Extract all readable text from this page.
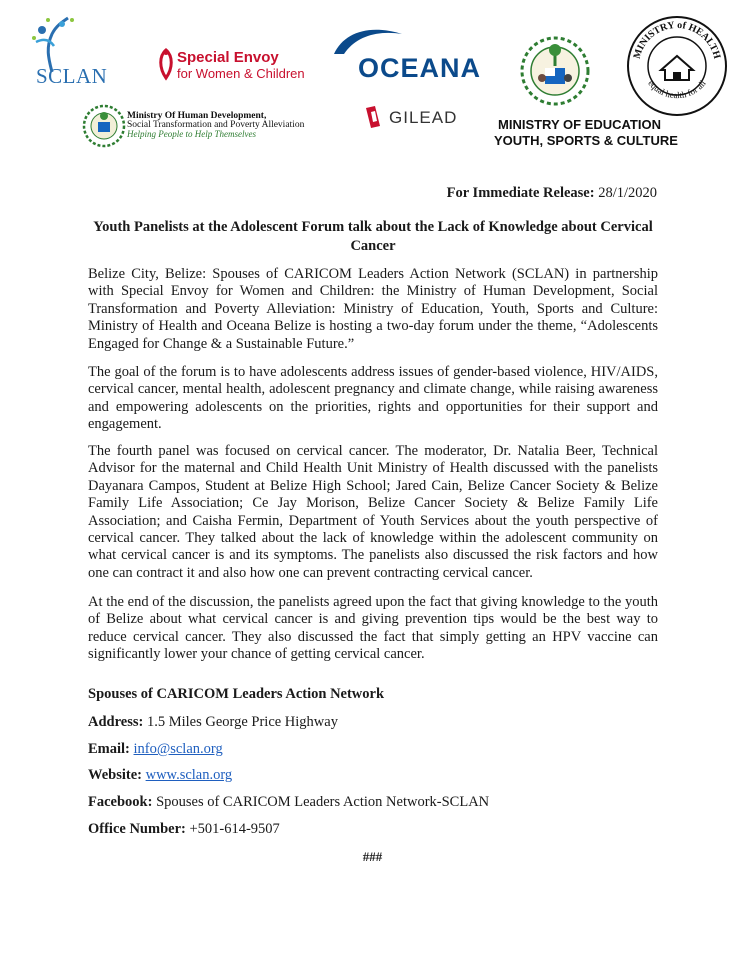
SCLAN
Special Envoy
for Women & Children OCEANA
GILEAD	MINISTRY OF EDUCATION
YOUTH, SPORTS & CULTURE
MINISTRY of HEALTH
equal health for all
Ministry Of Human Development,
Social Transformation and Poverty Alleviation
Helping People to Help Themselves
For Immediate Release: 28/1/2020
Youth Panelists at the Adolescent Forum talk about the Lack of Knowledge about Cervical Cancer

Belize City, Belize: Spouses of CARICOM Leaders Action Network (SCLAN) in partnership with Special Envoy for Women and Children: the Ministry of Human Development, Social Transformation and Poverty Alleviation: Ministry of Education, Youth, Sports and Culture: Ministry of Health and Oceana Belize is hosting a two-day forum under the theme, “Adolescents Engaged for Change & a Sustainable Future.”

The goal of the forum is to have adolescents address issues of gender-based violence, HIV/AIDS, cervical cancer, mental health, adolescent pregnancy and climate change, while raising awareness and empowering adolescents on the priorities, rights and opportunities for their support and engagement.

The fourth panel was focused on cervical cancer. The moderator, Dr. Natalia Beer, Technical Advisor for the maternal and Child Health Unit Ministry of Health discussed with the panelists Dayanara Campos, Student at Belize High School; Jared Cain, Belize Cancer Society & Belize Family Life Association; Ce Jay Morison, Belize Cancer Society & Belize Family Life Association; and Caisha Fermin, Department of Youth Services about the youth perspective of cervical cancer. They talked about the lack of knowledge within the adolescent community on what cervical cancer is and its symptoms. The panelists also discussed the risk factors and how one can contract it and also how one can prevent contracting cervical cancer.

At the end of the discussion, the panelists agreed upon the fact that giving knowledge to the youth of Belize about what cervical cancer is and giving prevention tips would be the best way to reduce cervical cancer. They also discussed the fact that simply getting an HPV vaccine can significantly lower your chance of getting cervical cancer.

Spouses of CARICOM Leaders Action Network
Address: 1.5 Miles George Price Highway
Email: info@sclan.org
Website: www.sclan.org
Facebook: Spouses of CARICOM Leaders Action Network-SCLAN
Office Number: +501-614-9507
###
